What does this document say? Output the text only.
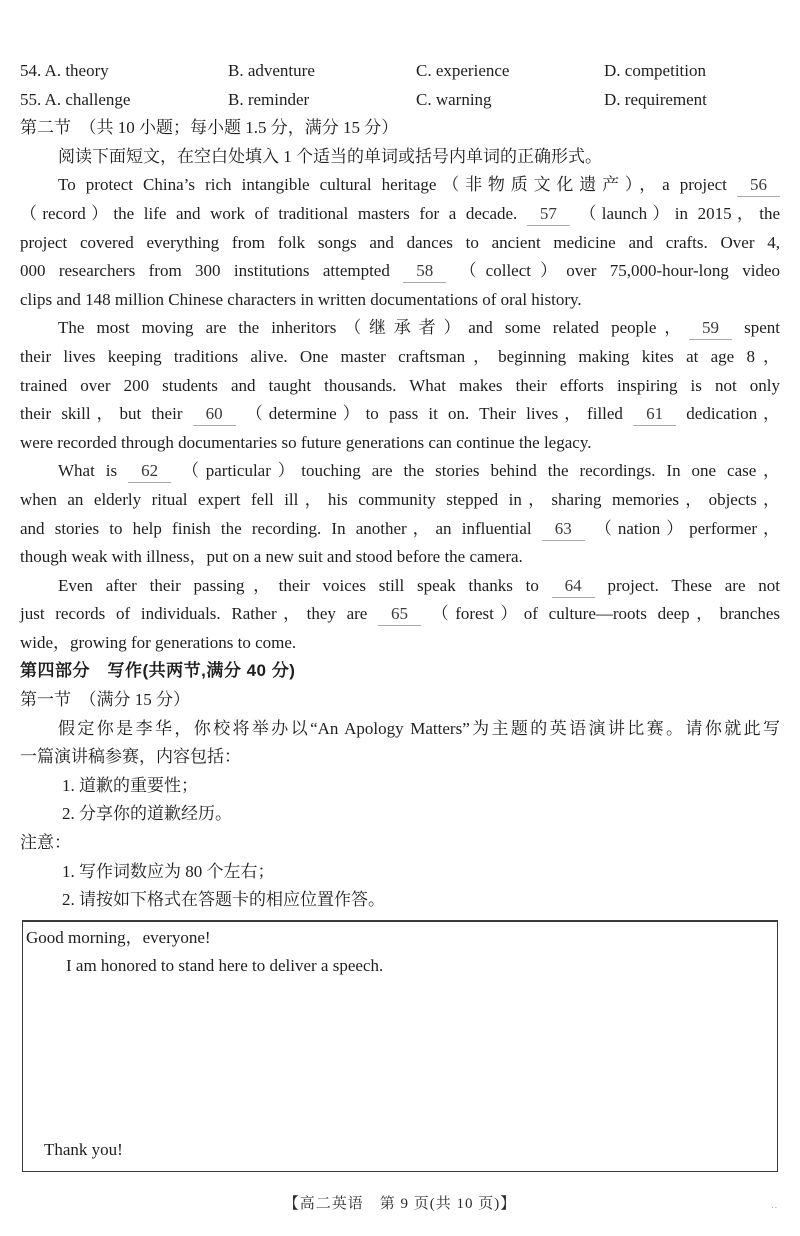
54. A. theory	B. adventure	C. experience	D. competition
55. A. challenge	B. reminder	C. warning	D. requirement
第二节　（共 10 小题；每小题 1.5 分，满分 15 分）
阅读下面短文，在空白处填入 1 个适当的单词或括号内单词的正确形式。
To protect China’s rich intangible cultural heritage（非物质文化遗产），a project 56
（record）the life and work of traditional masters for a decade. 57 （launch）in 2015，the
project covered everything from folk songs and dances to ancient medicine and crafts. Over 4,
000 researchers from 300 institutions attempted 58 （collect）over 75,000-hour-long video
clips and 148 million Chinese characters in written documentations of oral history.
The most moving are the inheritors（继承者）and some related people， 59 spent
their lives keeping traditions alive. One master craftsman，beginning making kites at age 8，
trained over 200 students and taught thousands. What makes their efforts inspiring is not only
their skill，but their 60 （determine）to pass it on. Their lives，filled 61 dedication，
were recorded through documentaries so future generations can continue the legacy.
What is 62 （particular）touching are the stories behind the recordings. In one case，
when an elderly ritual expert fell ill，his community stepped in，sharing memories，objects，
and stories to help finish the recording. In another，an influential 63 （nation）performer，
though weak with illness，put on a new suit and stood before the camera.
Even after their passing，their voices still speak thanks to 64 project. These are not
just records of individuals. Rather，they are 65 （forest）of culture—roots deep，branches
wide，growing for generations to come.
第四部分　写作(共两节,满分 40 分)
第一节　（满分 15 分）
假定你是李华，你校将举办以“An Apology Matters”为主题的英语演讲比赛。请你就此写
一篇演讲稿参赛，内容包括：
1. 道歉的重要性；
2. 分享你的道歉经历。
注意：
1. 写作词数应为 80 个左右；
2. 请按如下格式在答题卡的相应位置作答。
Good morning，everyone!
I am honored to stand here to deliver a speech.
Thank you!
【高二英语　第 9 页(共 10 页)】	..
